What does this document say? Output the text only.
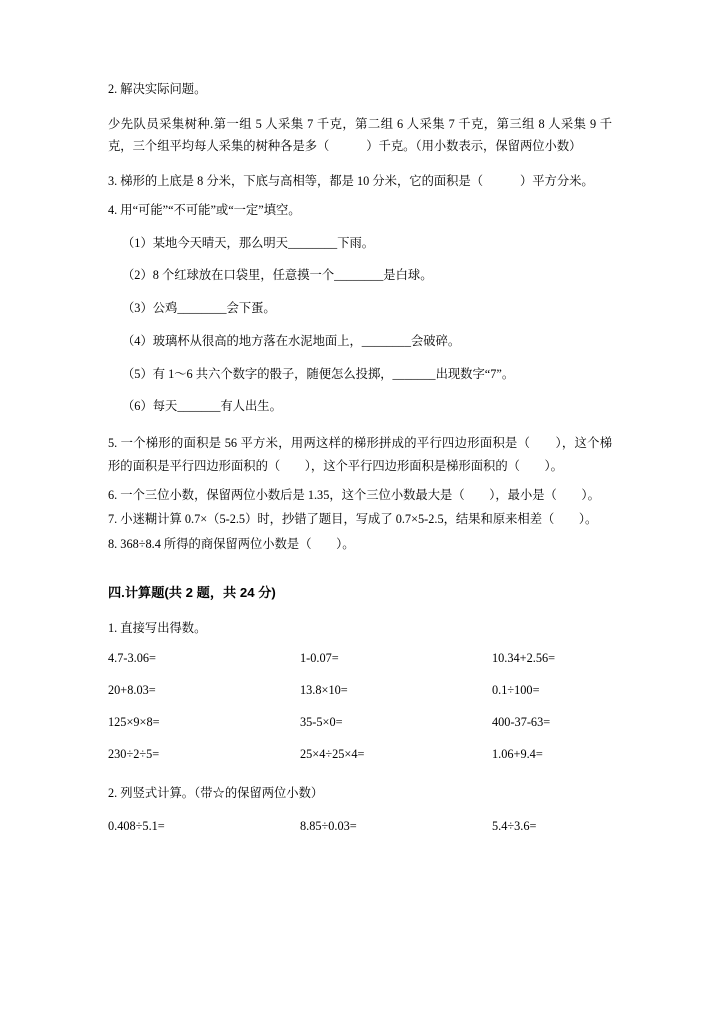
2. 解决实际问题。

少先队员采集树种.第一组 5 人采集 7 千克，第二组 6 人采集 7 千克，第三组 8 人采集 9 千克，三个组平均每人采集的树种各是多（　　　）千克。（用小数表示，保留两位小数）

3. 梯形的上底是 8 分米，下底与高相等，都是 10 分米，它的面积是（　　　）平方分米。

4. 用“可能”“不可能”或“一定”填空。

（1）某地今天晴天，那么明天________下雨。

（2）8 个红球放在口袋里，任意摸一个________是白球。

（3）公鸡________会下蛋。

（4）玻璃杯从很高的地方落在水泥地面上，________会破碎。

（5）有 1～6 共六个数字的骰子，随便怎么投掷，_______出现数字“7”。

（6）每天_______有人出生。

5. 一个梯形的面积是 56 平方米，用两这样的梯形拼成的平行四边形面积是（　　），这个梯形的面积是平行四边形面积的（　　），这个平行四边形面积是梯形面积的（　　）。

6. 一个三位小数，保留两位小数后是 1.35，这个三位小数最大是（　　），最小是（　　）。

7. 小迷糊计算 0.7×（5-2.5）时，抄错了题目，写成了 0.7×5-2.5，结果和原来相差（　　）。

8. 368÷8.4 所得的商保留两位小数是（　　）。

四.计算题(共 2 题，共 24 分)

1. 直接写出得数。

4.7-3.06=	1-0.07=	10.34+2.56=
20+8.03=	13.8×10=	0.1÷100=
125×9×8=	35-5×0=	400-37-63=
230÷2÷5=	25×4÷25×4=	1.06+9.4=

2. 列竖式计算。（带☆的保留两位小数）

0.408÷5.1=	8.85÷0.03=	5.4÷3.6=
